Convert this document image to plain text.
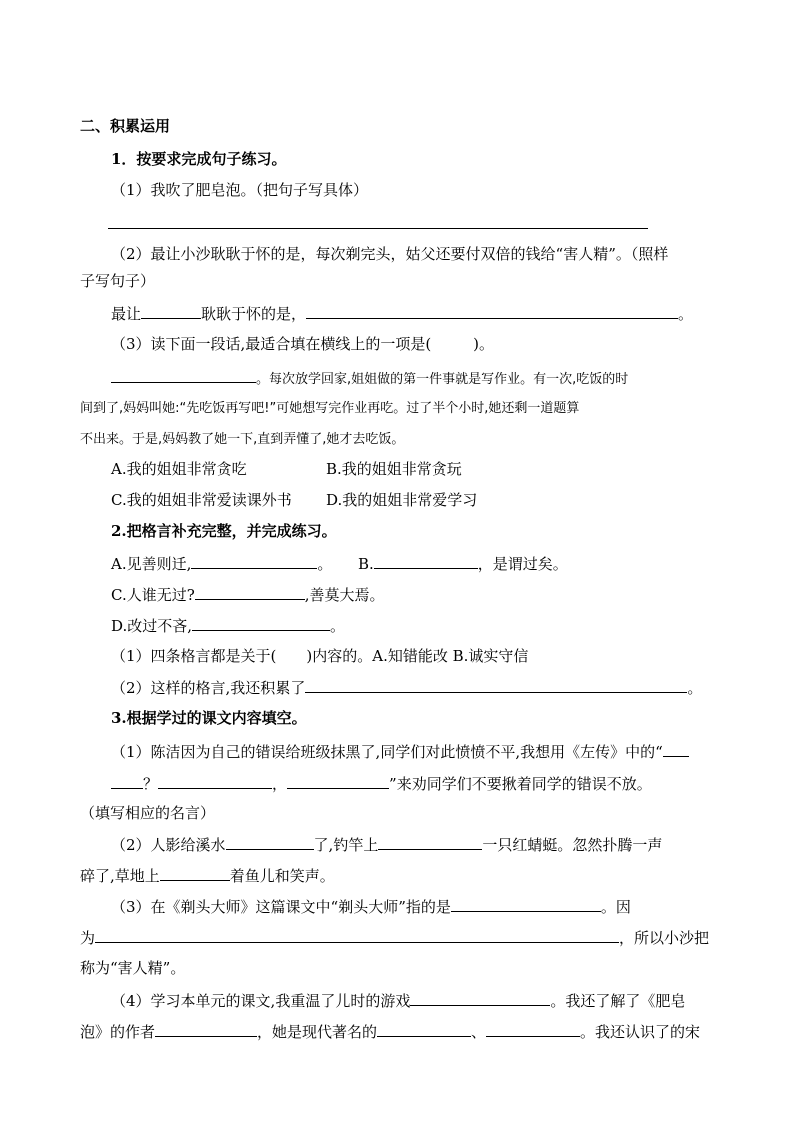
二、积累运用
1．按要求完成句子练习。
（1）我吹了肥皂泡。（把句子写具体）
（2）最让小沙耿耿于怀的是，每次剃完头，姑父还要付双倍的钱给“害人精”。（照样
子写句子）
最让	耿耿于怀的是，	。
（3）读下面一段话,最适合填在横线上的一项是(	)。
。每次放学回家,姐姐做的第一件事就是写作业。有一次,吃饭的时
间到了,妈妈叫她:“先吃饭再写吧!”可她想写完作业再吃。过了半个小时,她还剩一道题算
不出来。于是,妈妈教了她一下,直到弄懂了,她才去吃饭。
A.我的姐姐非常贪吃	B.我的姐姐非常贪玩
C.我的姐姐非常爱读课外书 D.我的姐姐非常爱学习
2.把格言补充完整，并完成练习。
A.见善则迁,	。 B.	，是谓过矣。
C.人谁无过?	,善莫大焉。
D.改过不吝,	。
（1）四条格言都是关于( )内容的。A.知错能改 B.诚实守信
（2）这样的格言,我还积累了	。
3.根据学过的课文内容填空。
（1）陈洁因为自己的错误给班级抹黑了,同学们对此愤愤不平,我想用《左传》中的“
？	，	”来劝同学们不要揪着同学的错误不放。
（填写相应的名言）
（2）人影给溪水	了,钓竿上	一只红蜻蜓。忽然扑腾一声
碎了,草地上	着鱼儿和笑声。
（3）在《剃头大师》这篇课文中“剃头大师”指的是	。因
为	，所以小沙把
称为“害人精”。
（4）学习本单元的课文,我重温了儿时的游戏	。我还了解了《肥皂
泡》的作者	，她是现代著名的	、	。我还认识了的宋
